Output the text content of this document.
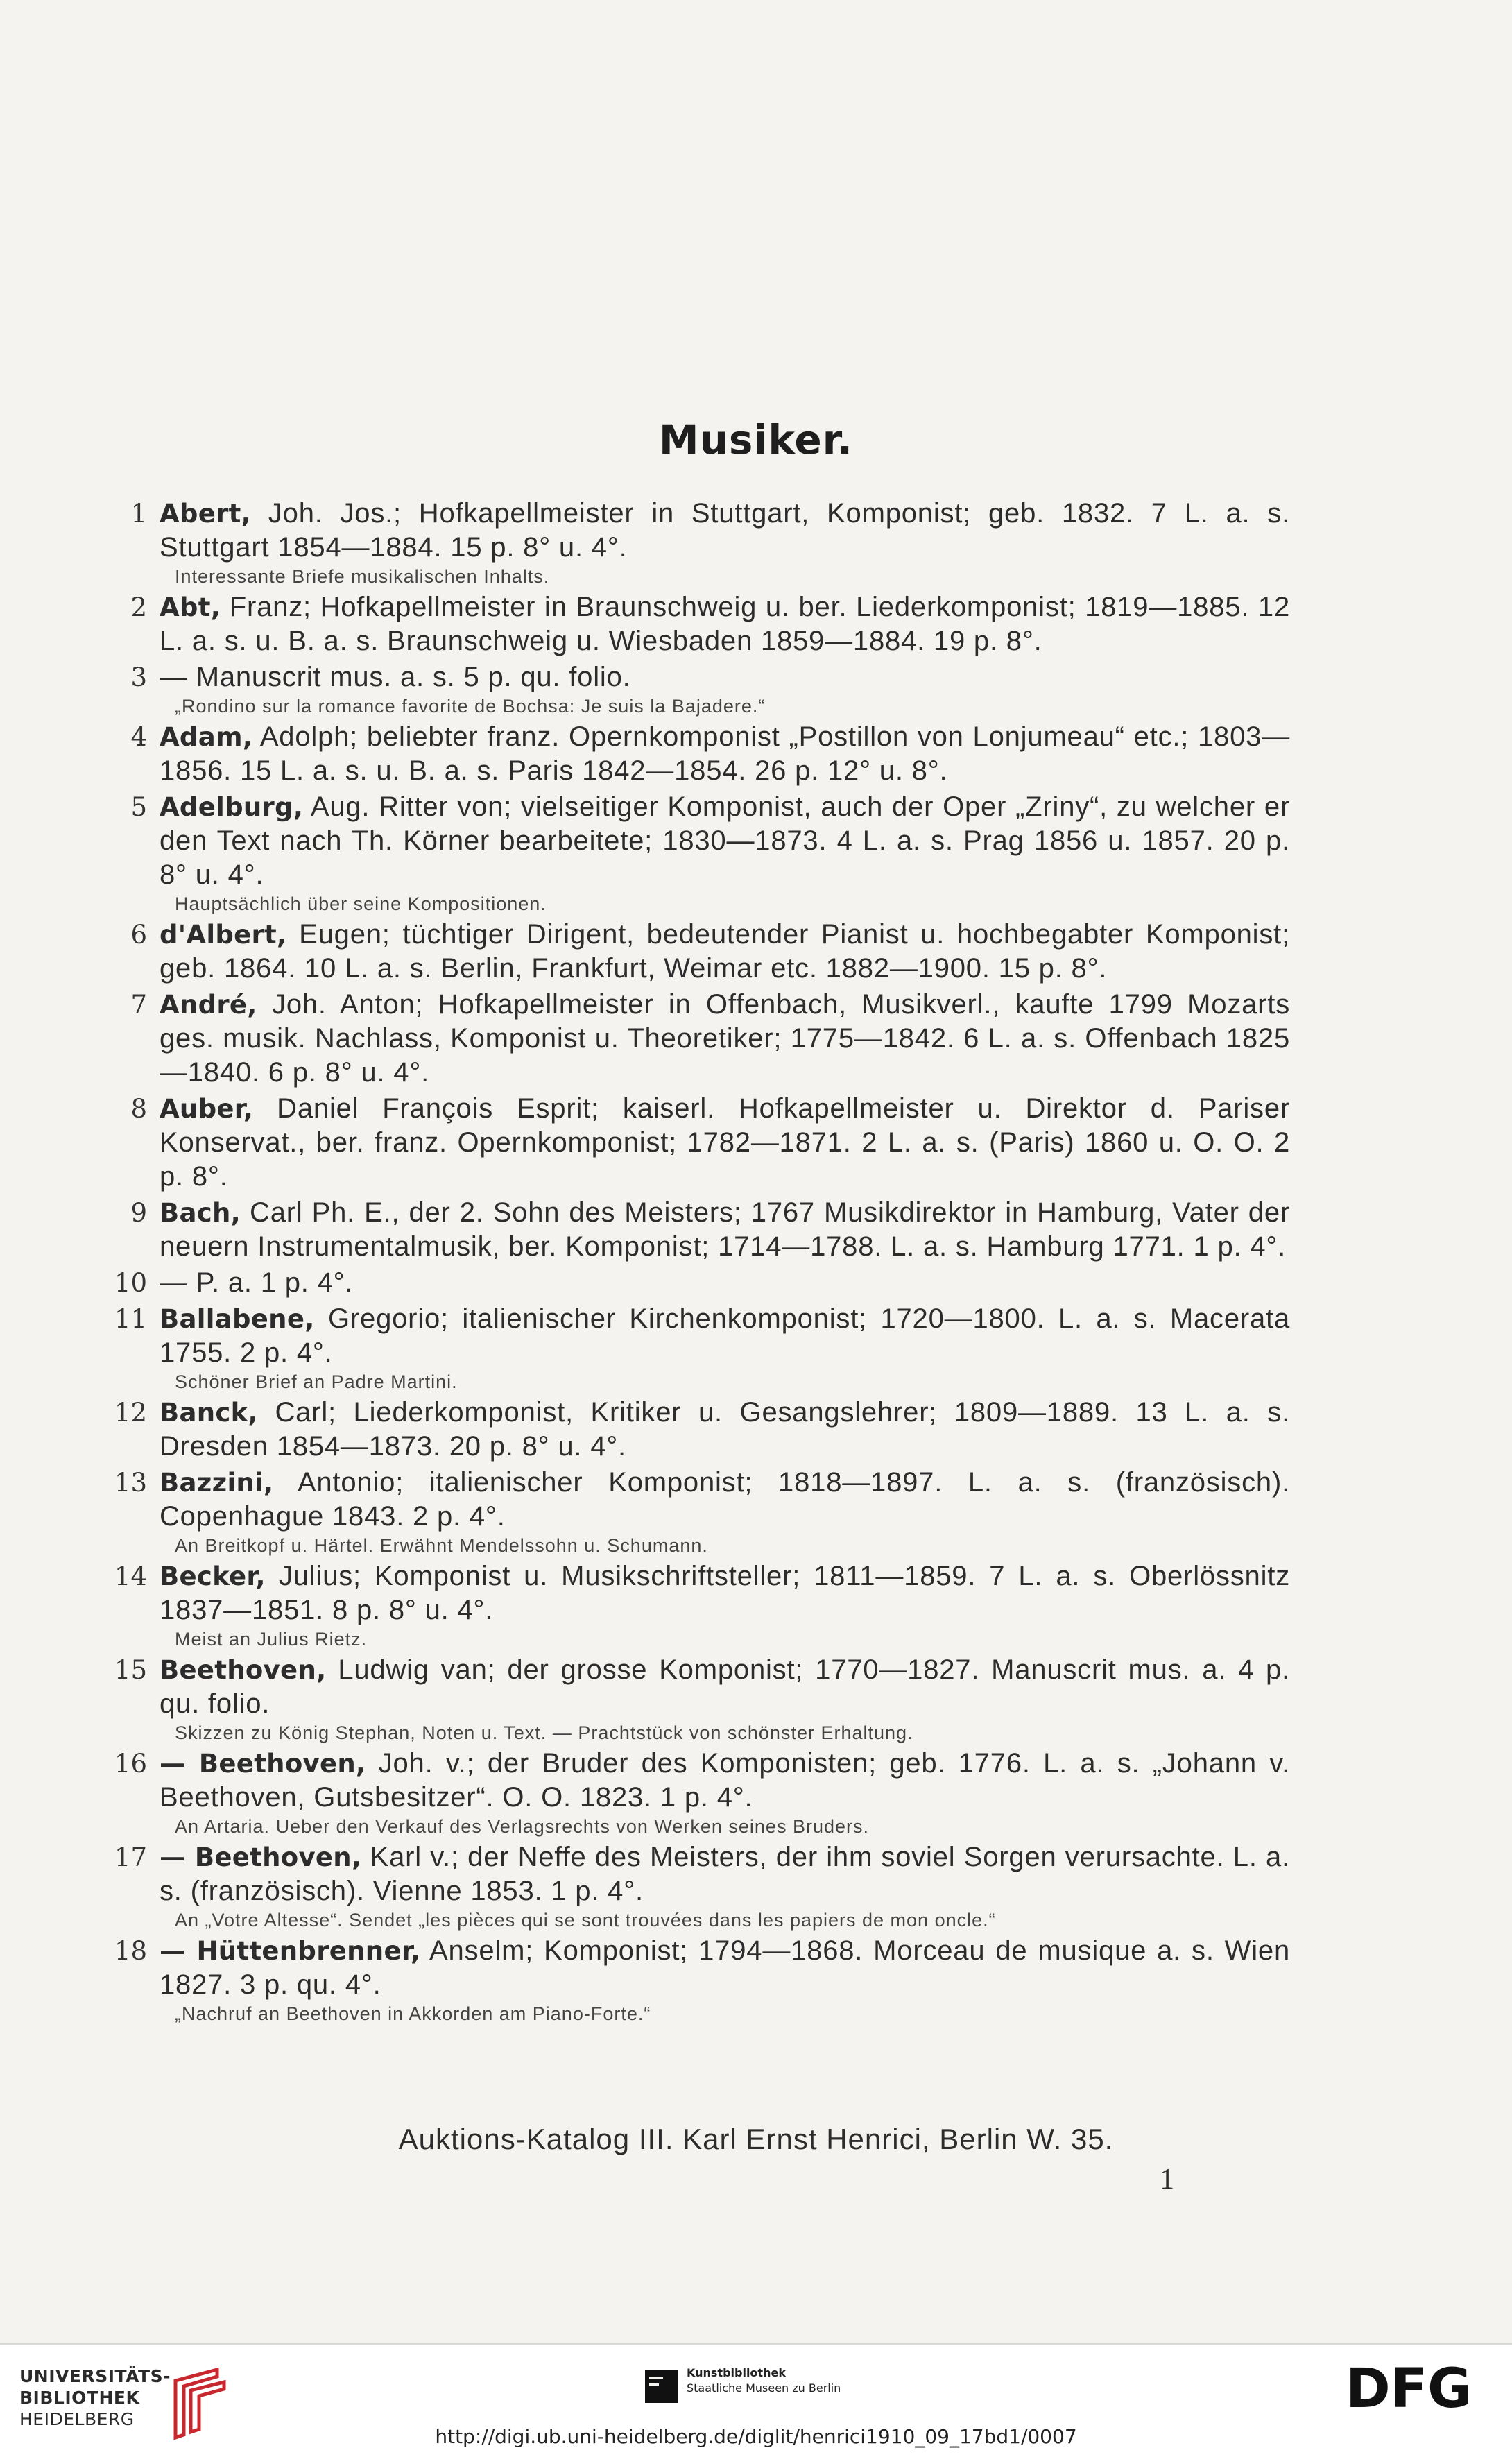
Musiker.
1 Abert, Joh. Jos.; Hofkapellmeister in Stuttgart, Komponist; geb. 1832. 7 L. a. s. Stuttgart 1854—1884. 15 p. 8° u. 4°.
Interessante Briefe musikalischen Inhalts.
2 Abt, Franz; Hofkapellmeister in Braunschweig u. ber. Liederkomponist; 1819—1885. 12 L. a. s. u. B. a. s. Braunschweig u. Wiesbaden 1859—1884. 19 p. 8°.
3 — Manuscrit mus. a. s. 5 p. qu. folio.
„Rondino sur la romance favorite de Bochsa: Je suis la Bajadere.“
4 Adam, Adolph; beliebter franz. Opernkomponist „Postillon von Lonjumeau“ etc.; 1803—1856. 15 L. a. s. u. B. a. s. Paris 1842—1854. 26 p. 12° u. 8°.
5 Adelburg, Aug. Ritter von; vielseitiger Komponist, auch der Oper „Zriny“, zu welcher er den Text nach Th. Körner bearbeitete; 1830—1873. 4 L. a. s. Prag 1856 u. 1857. 20 p. 8° u. 4°.
Hauptsächlich über seine Kompositionen.
6 d'Albert, Eugen; tüchtiger Dirigent, bedeutender Pianist u. hochbegabter Komponist; geb. 1864. 10 L. a. s. Berlin, Frankfurt, Weimar etc. 1882—1900. 15 p. 8°.
7 André, Joh. Anton; Hofkapellmeister in Offenbach, Musikverl., kaufte 1799 Mozarts ges. musik. Nachlass, Komponist u. Theoretiker; 1775—1842. 6 L. a. s. Offenbach 1825—1840. 6 p. 8° u. 4°.
8 Auber, Daniel François Esprit; kaiserl. Hofkapellmeister u. Direktor d. Pariser Konservat., ber. franz. Opernkomponist; 1782—1871. 2 L. a. s. (Paris) 1860 u. O. O. 2 p. 8°.
9 Bach, Carl Ph. E., der 2. Sohn des Meisters; 1767 Musikdirektor in Hamburg, Vater der neuern Instrumentalmusik, ber. Komponist; 1714—1788. L. a. s. Hamburg 1771. 1 p. 4°.
10 — P. a. 1 p. 4°.
11 Ballabene, Gregorio; italienischer Kirchenkomponist; 1720—1800. L. a. s. Macerata 1755. 2 p. 4°.
Schöner Brief an Padre Martini.
12 Banck, Carl; Liederkomponist, Kritiker u. Gesangslehrer; 1809—1889. 13 L. a. s. Dresden 1854—1873. 20 p. 8° u. 4°.
13 Bazzini, Antonio; italienischer Komponist; 1818—1897. L. a. s. (französisch). Copenhague 1843. 2 p. 4°.
An Breitkopf u. Härtel. Erwähnt Mendelssohn u. Schumann.
14 Becker, Julius; Komponist u. Musikschriftsteller; 1811—1859. 7 L. a. s. Oberlössnitz 1837—1851. 8 p. 8° u. 4°.
Meist an Julius Rietz.
15 Beethoven, Ludwig van; der grosse Komponist; 1770—1827. Manuscrit mus. a. 4 p. qu. folio.
Skizzen zu König Stephan, Noten u. Text. — Prachtstück von schönster Erhaltung.
16 — Beethoven, Joh. v.; der Bruder des Komponisten; geb. 1776. L. a. s. „Johann v. Beethoven, Gutsbesitzer“. O. O. 1823. 1 p. 4°.
An Artaria. Ueber den Verkauf des Verlagsrechts von Werken seines Bruders.
17 — Beethoven, Karl v.; der Neffe des Meisters, der ihm soviel Sorgen verursachte. L. a. s. (französisch). Vienne 1853. 1 p. 4°.
An „Votre Altesse“. Sendet „les pièces qui se sont trouvées dans les papiers de mon oncle.“
18 — Hüttenbrenner, Anselm; Komponist; 1794—1868. Morceau de musique a. s. Wien 1827. 3 p. qu. 4°.
„Nachruf an Beethoven in Akkorden am Piano-Forte.“
Auktions-Katalog III. Karl Ernst Henrici, Berlin W. 35.
1
UNIVERSITÄTS-
BIBLIOTHEK
HEIDELBERG
Kunstbibliothek
Staatliche Museen zu Berlin	DFG
http://digi.ub.uni-heidelberg.de/diglit/henrici1910_09_17bd1/0007
